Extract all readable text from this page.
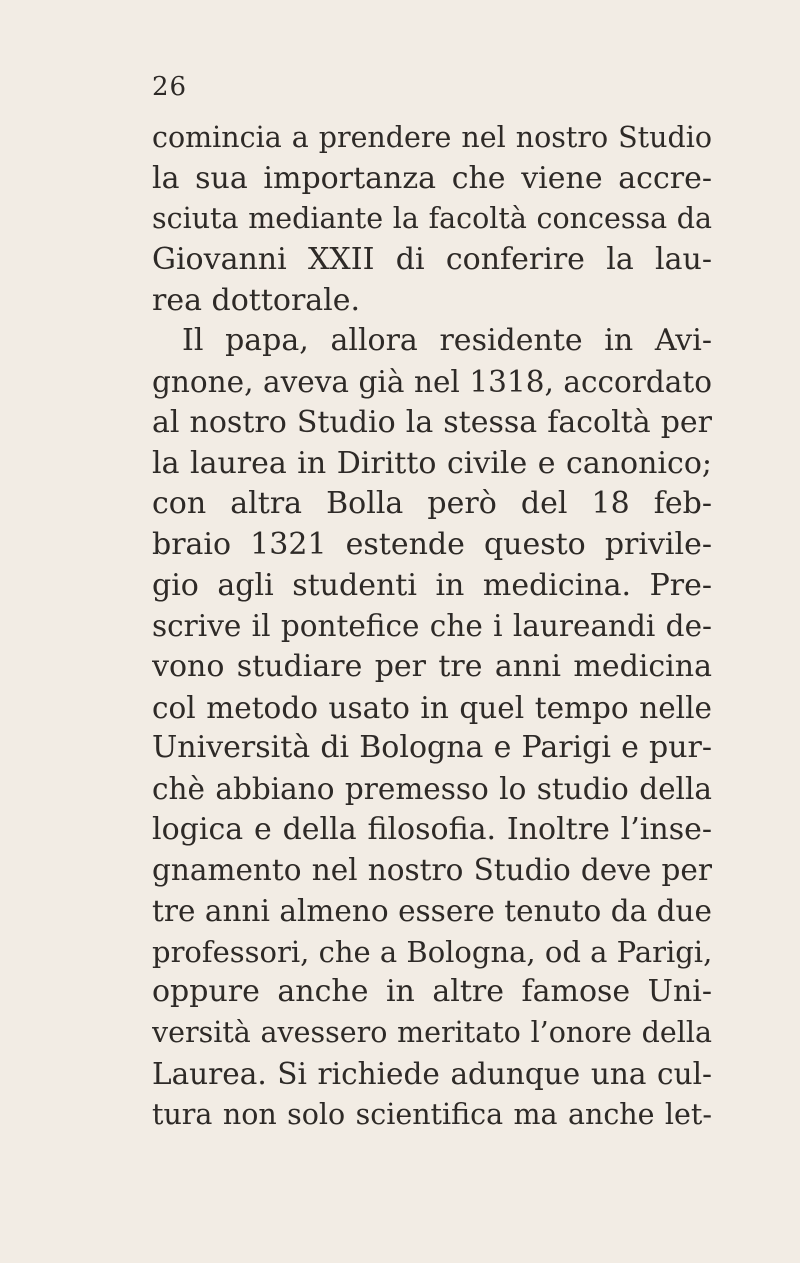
26
comincia a prendere nel nostro Studio
la sua importanza che viene accre-
sciuta mediante la facoltà concessa da
Giovanni XXII di conferire la lau-
rea dottorale.
Il papa, allora residente in Avi-
gnone, aveva già nel 1318, accordato
al nostro Studio la stessa facoltà per
la laurea in Diritto civile e canonico;
con altra Bolla però del 18 feb-
braio 1321 estende questo privile-
gio agli studenti in medicina. Pre-
scrive il pontefice che i laureandi de-
vono studiare per tre anni medicina
col metodo usato in quel tempo nelle
Università di Bologna e Parigi e pur-
chè abbiano premesso lo studio della
logica e della filosofia. Inoltre l’inse-
gnamento nel nostro Studio deve per
tre anni almeno essere tenuto da due
professori, che a Bologna, od a Parigi,
oppure anche in altre famose Uni-
versità avessero meritato l’onore della
Laurea. Si richiede adunque una cul-
tura non solo scientifica ma anche let-
